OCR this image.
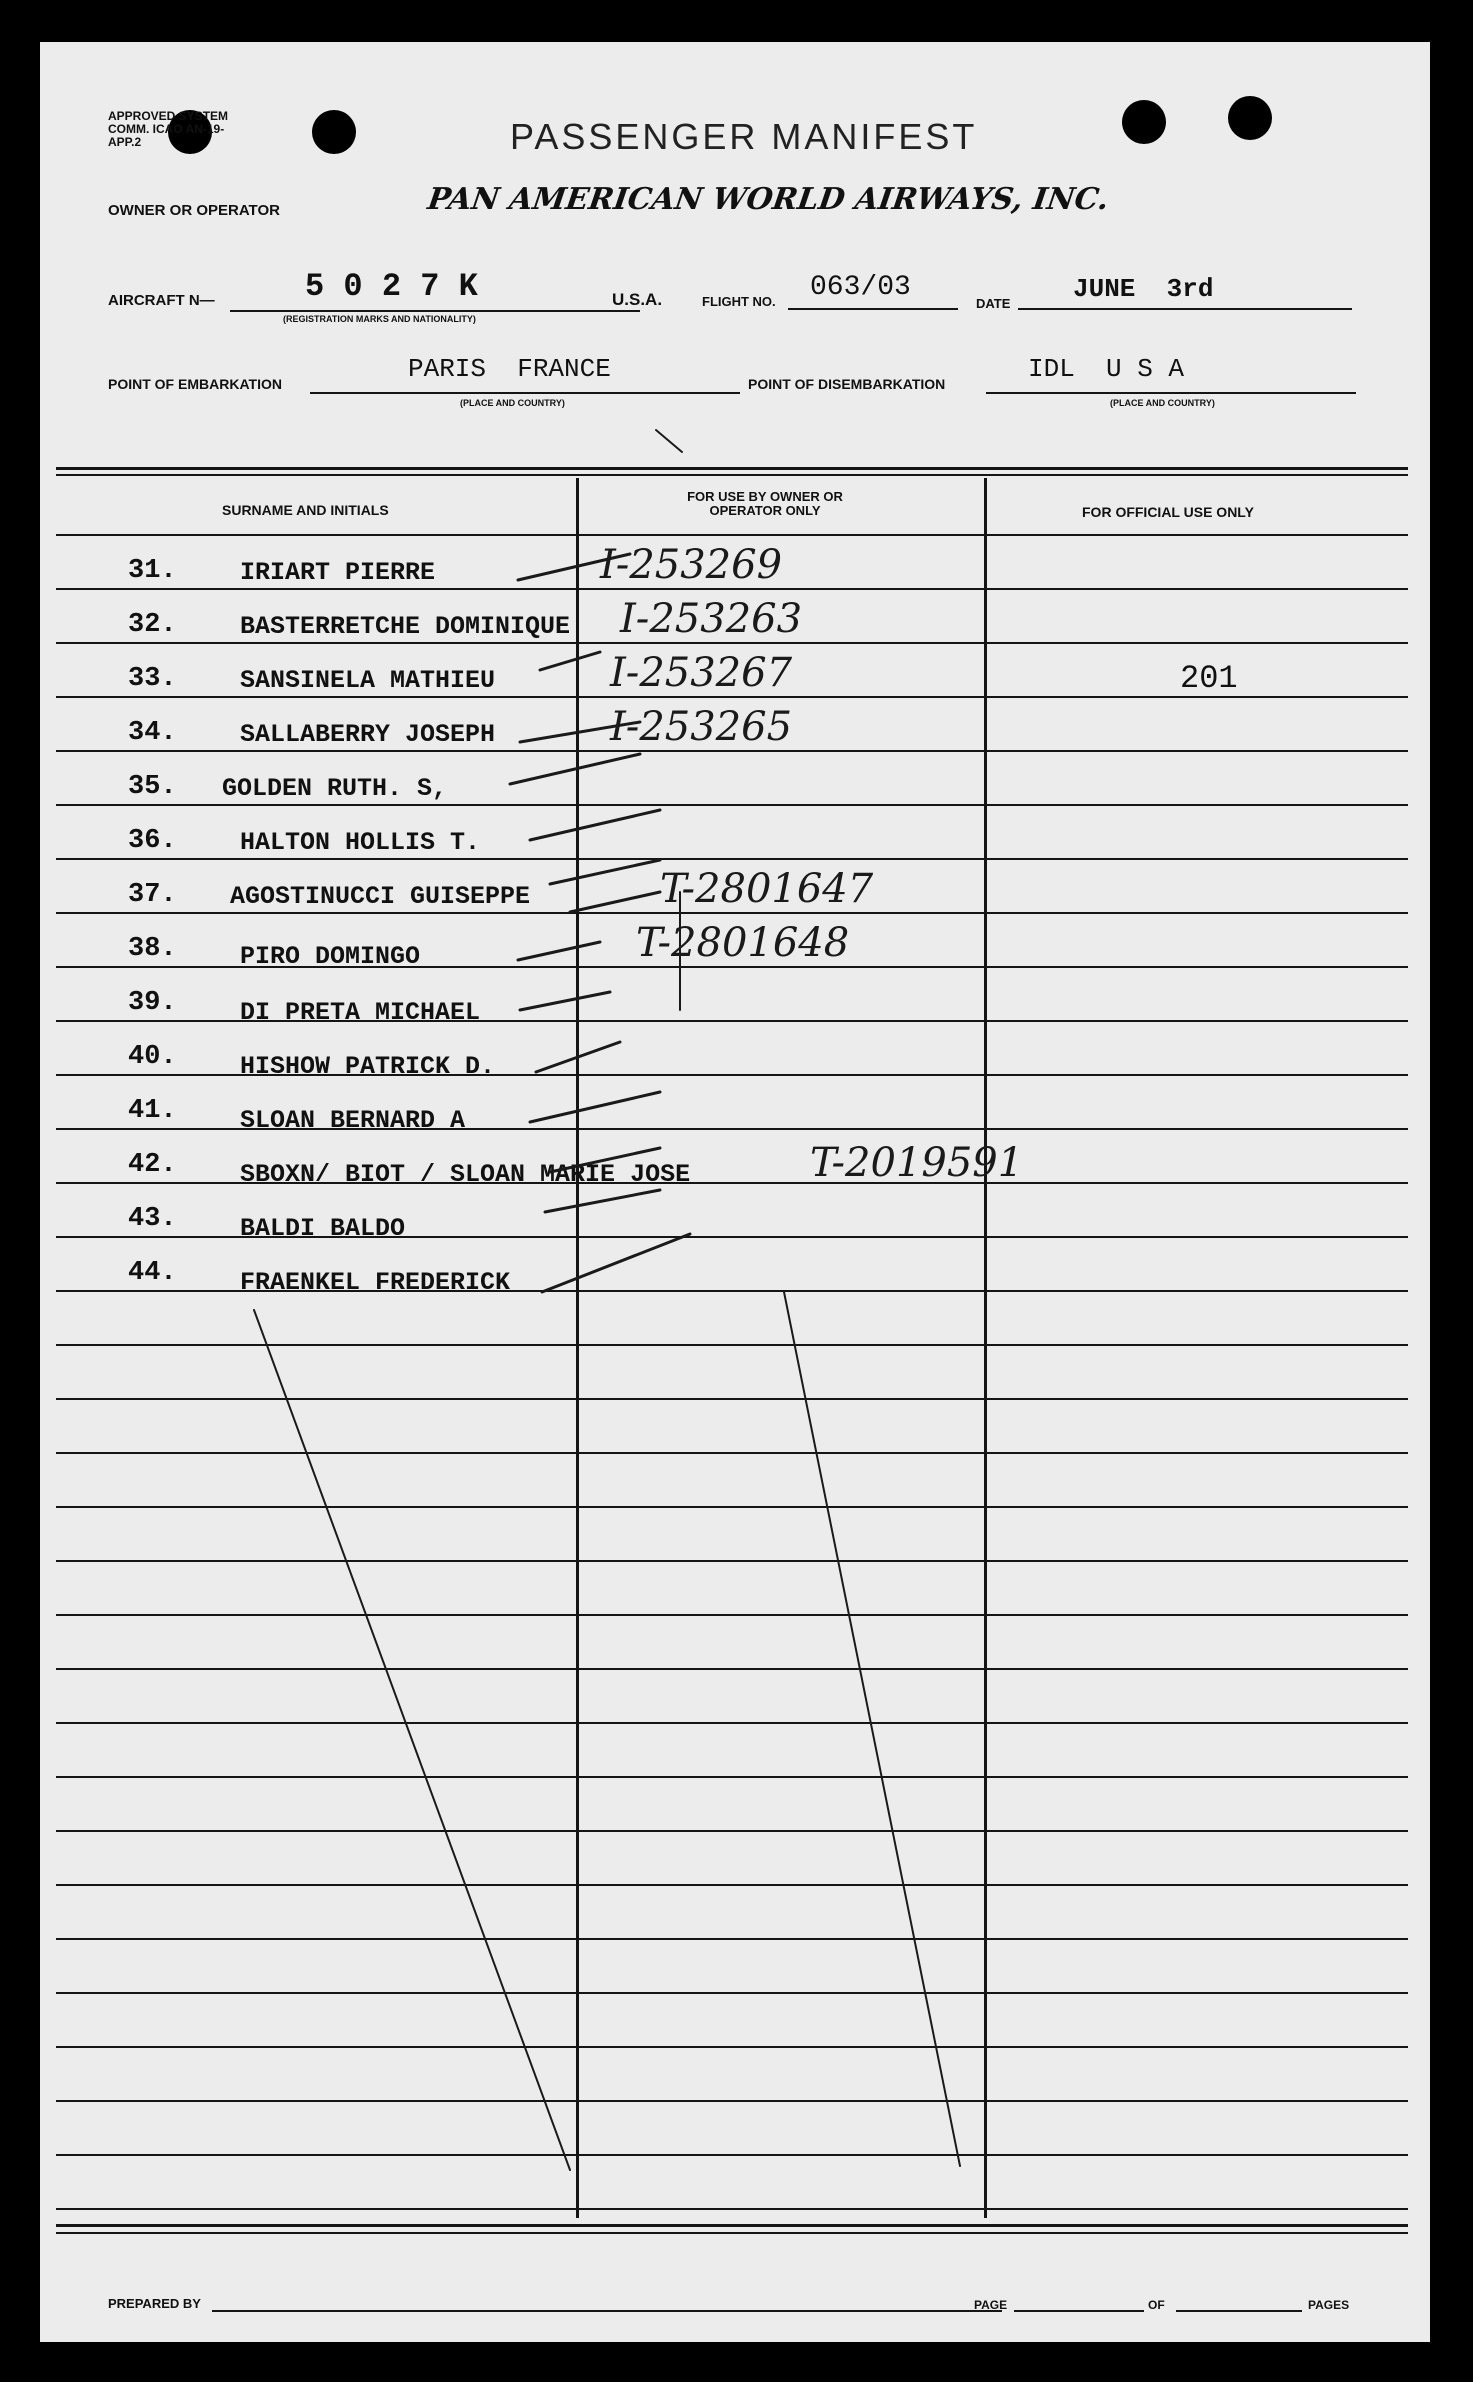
APPROVED SYSTEM COMM. ICAO AN-19-APP.2	PASSENGER MANIFEST
OWNER OR OPERATOR	PAN AMERICAN WORLD AIRWAYS, INC.
AIRCRAFT N—	5 0 2 7 K
(REGISTRATION MARKS AND NATIONALITY)
U.S.A.	FLIGHT NO. 063/03
DATE JUNE  3rd
POINT OF EMBARKATION	PARIS  FRANCE
(PLACE AND COUNTRY)
POINT OF DISEMBARKATION	IDL  U S A
(PLACE AND COUNTRY)
SURNAME AND INITIALS
FOR USE BY OWNER OR OPERATOR ONLY	FOR OFFICIAL USE ONLY
31.	IRIART PIERRE	I-253269
32.	BASTERRETCHE DOMINIQUE I-253263
33.	SANSINELA MATHIEU	I-253267	201
34.	SALLABERRY JOSEPH	I-253265
35. GOLDEN RUTH. S,
36.	HALTON HOLLIS T.
37. AGOSTINUCCI GUISEPPE	T-2801647
38.	PIRO DOMINGO	T-2801648
39.	DI PRETA MICHAEL
40.	HISHOW PATRICK D.
41.	SLOAN BERNARD A
42.	SBOXN/ BIOT / SLOAN MARIE JOSE	T-2019591
43.	BALDI BALDO
44.	FRAENKEL FREDERICK
PREPARED BY	PAGE	OF	PAGES
